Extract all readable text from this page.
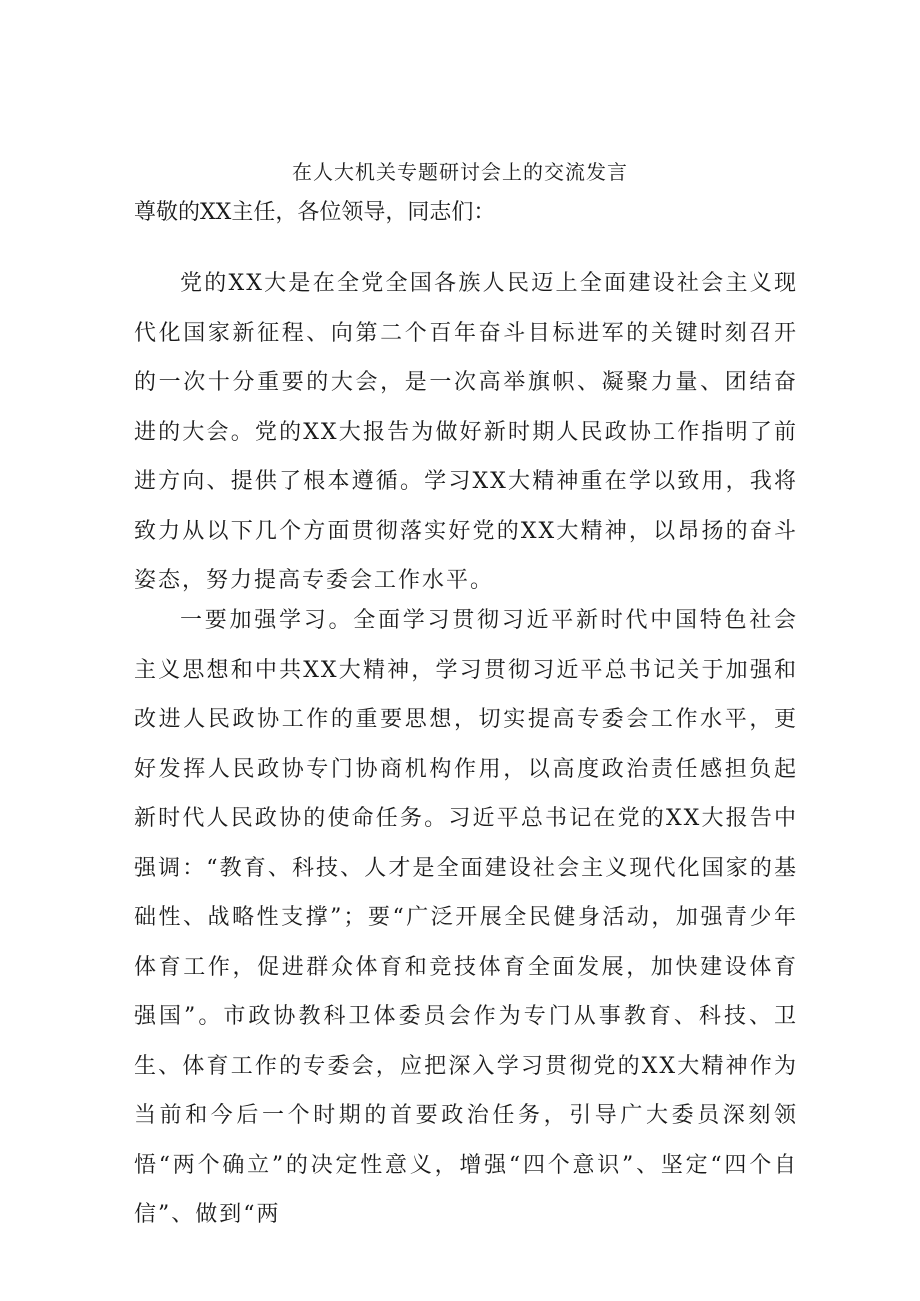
在人大机关专题研讨会上的交流发言
尊敬的XX主任，各位领导，同志们：

党的XX大是在全党全国各族人民迈上全面建设社会主义现代化国家新征程、向第二个百年奋斗目标进军的关键时刻召开的一次十分重要的大会，是一次高举旗帜、凝聚力量、团结奋进的大会。党的XX大报告为做好新时期人民政协工作指明了前进方向、提供了根本遵循。学习XX大精神重在学以致用，我将致力从以下几个方面贯彻落实好党的XX大精神，以昂扬的奋斗姿态，努力提高专委会工作水平。

一要加强学习。全面学习贯彻习近平新时代中国特色社会主义思想和中共XX大精神，学习贯彻习近平总书记关于加强和改进人民政协工作的重要思想，切实提高专委会工作水平，更好发挥人民政协专门协商机构作用，以高度政治责任感担负起新时代人民政协的使命任务。习近平总书记在党的XX大报告中强调：“教育、科技、人才是全面建设社会主义现代化国家的基础性、战略性支撑”；要“广泛开展全民健身活动，加强青少年体育工作，促进群众体育和竞技体育全面发展，加快建设体育强国”。市政协教科卫体委员会作为专门从事教育、科技、卫生、体育工作的专委会，应把深入学习贯彻党的XX大精神作为当前和今后一个时期的首要政治任务，引导广大委员深刻领悟“两个确立”的决定性意义，增强“四个意识”、坚定“四个自信”、做到“两
